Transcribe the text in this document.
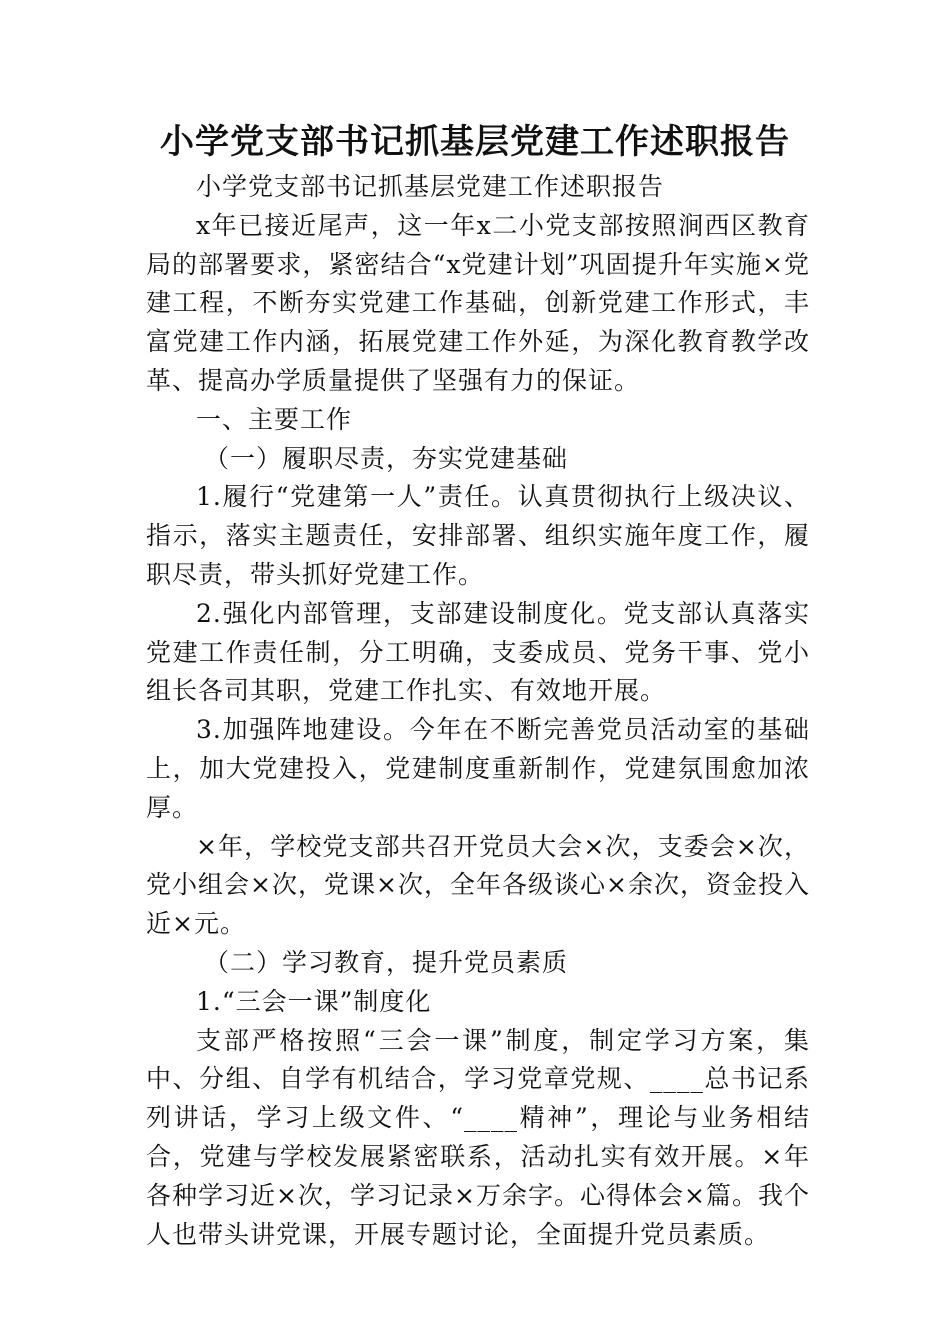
小学党支部书记抓基层党建工作述职报告

小学党支部书记抓基层党建工作述职报告

x年已接近尾声，这一年x二小党支部按照涧西区教育局的部署要求，紧密结合“x党建计划”巩固提升年实施×党建工程，不断夯实党建工作基础，创新党建工作形式，丰富党建工作内涵，拓展党建工作外延，为深化教育教学改革、提高办学质量提供了坚强有力的保证。

一、主要工作

（一）履职尽责，夯实党建基础

1.履行“党建第一人”责任。认真贯彻执行上级决议、指示，落实主题责任，安排部署、组织实施年度工作，履职尽责，带头抓好党建工作。

2.强化内部管理，支部建设制度化。党支部认真落实党建工作责任制，分工明确，支委成员、党务干事、党小组长各司其职，党建工作扎实、有效地开展。

3.加强阵地建设。今年在不断完善党员活动室的基础上，加大党建投入，党建制度重新制作，党建氛围愈加浓厚。

×年，学校党支部共召开党员大会×次，支委会×次，党小组会×次，党课×次，全年各级谈心×余次，资金投入近×元。

（二）学习教育，提升党员素质

1.“三会一课”制度化

支部严格按照“三会一课”制度，制定学习方案，集中、分组、自学有机结合，学习党章党规、____总书记系列讲话，学习上级文件、“____精神”，理论与业务相结合，党建与学校发展紧密联系，活动扎实有效开展。×年各种学习近×次，学习记录×万余字。心得体会×篇。我个人也带头讲党课，开展专题讨论，全面提升党员素质。
